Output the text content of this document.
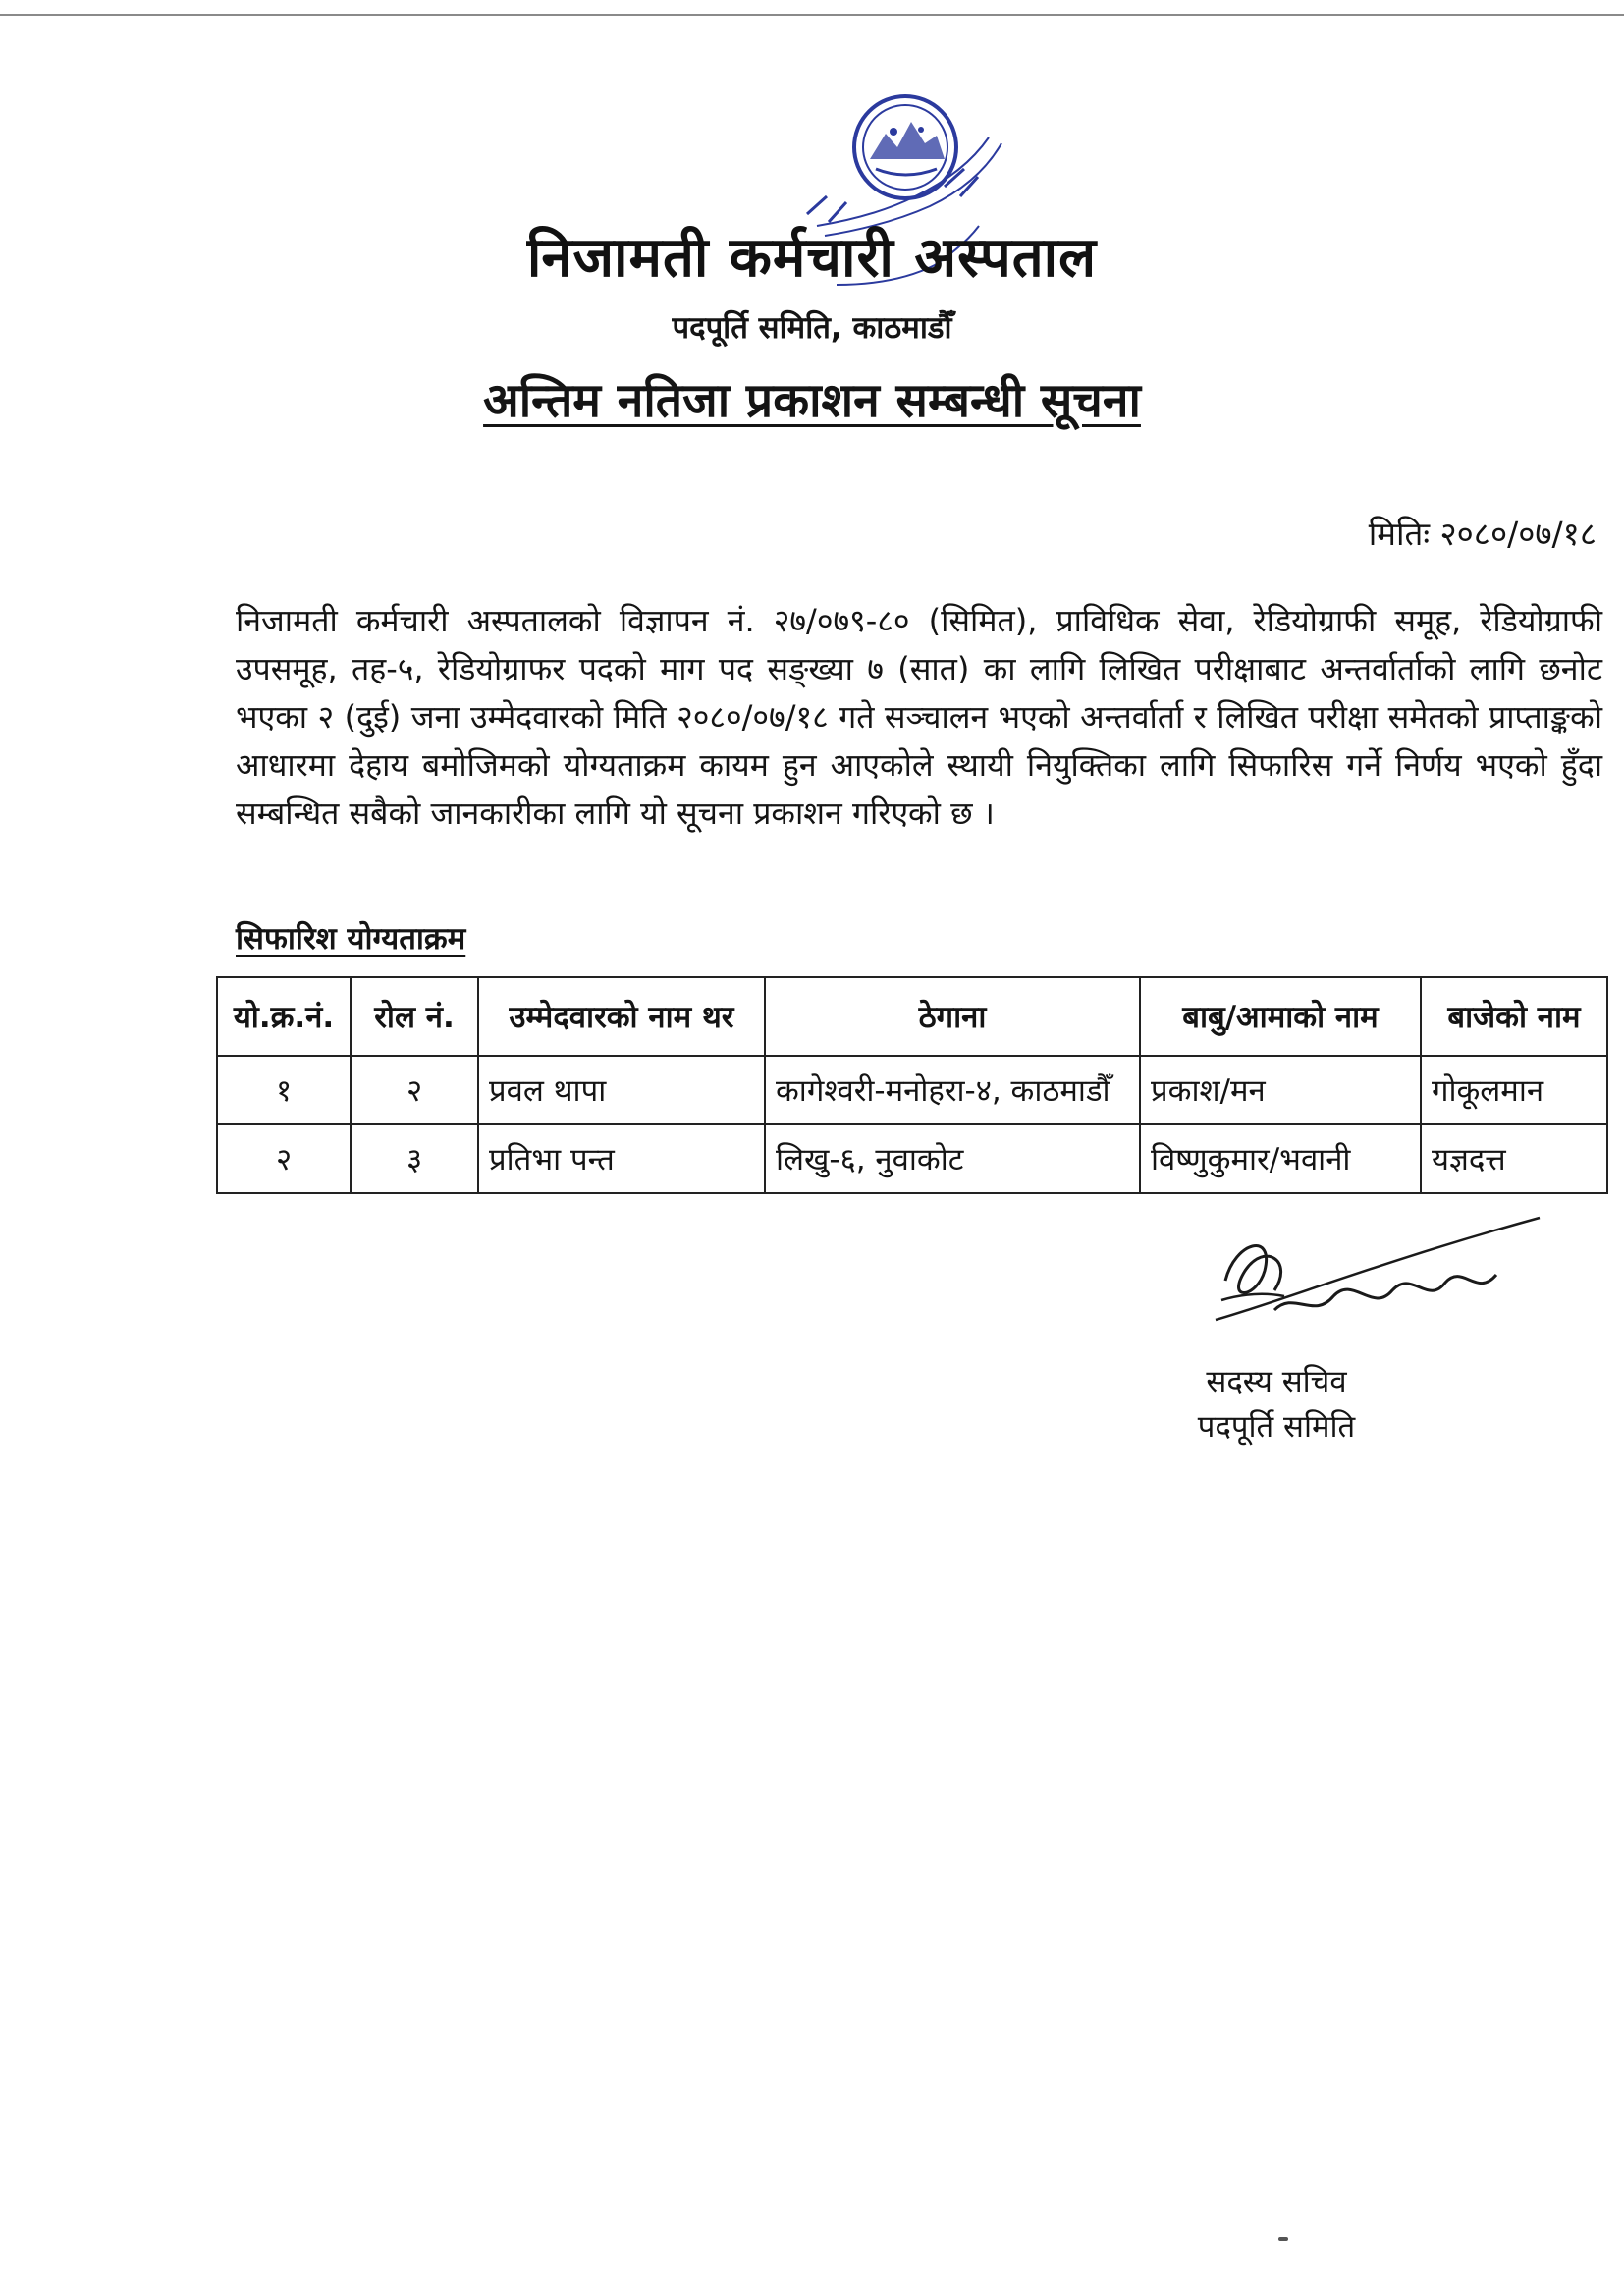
निजामती कर्मचारी अस्पताल
पदपूर्ति समिति, काठमाडौँ
अन्तिम नतिजा प्रकाशन सम्बन्धी सूचना
मितिः २०८०/०७/१८
निजामती कर्मचारी अस्पतालको विज्ञापन नं. २७/०७९-८० (सिमित), प्राविधिक सेवा, रेडियोग्राफी समूह, रेडियोग्राफी उपसमूह, तह-५, रेडियोग्राफर पदको माग पद सङ्ख्या ७ (सात) का लागि लिखित परीक्षाबाट अन्तर्वार्ताको लागि छनोट भएका २ (दुई) जना उम्मेदवारको मिति २०८०/०७/१८ गते सञ्चालन भएको अन्तर्वार्ता र लिखित परीक्षा समेतको प्राप्ताङ्कको आधारमा देहाय बमोजिमको योग्यताक्रम कायम हुन आएकोले स्थायी नियुक्तिका लागि सिफारिस गर्ने निर्णय भएको हुँदा सम्बन्धित सबैको जानकारीका लागि यो सूचना प्रकाशन गरिएको छ ।
सिफारिश योग्यताक्रम
यो.क्र.नं.	रोल नं.	उम्मेदवारको नाम थर	ठेगाना	बाबु/आमाको नाम	बाजेको नाम
१	२	प्रवल थापा	कागेश्वरी-मनोहरा-४, काठमाडौँ	प्रकाश/मन	गोकूलमान
२	३	प्रतिभा पन्त	लिखु-६, नुवाकोट	विष्णुकुमार/भवानी	यज्ञदत्त
सदस्य सचिव
पदपूर्ति समिति
